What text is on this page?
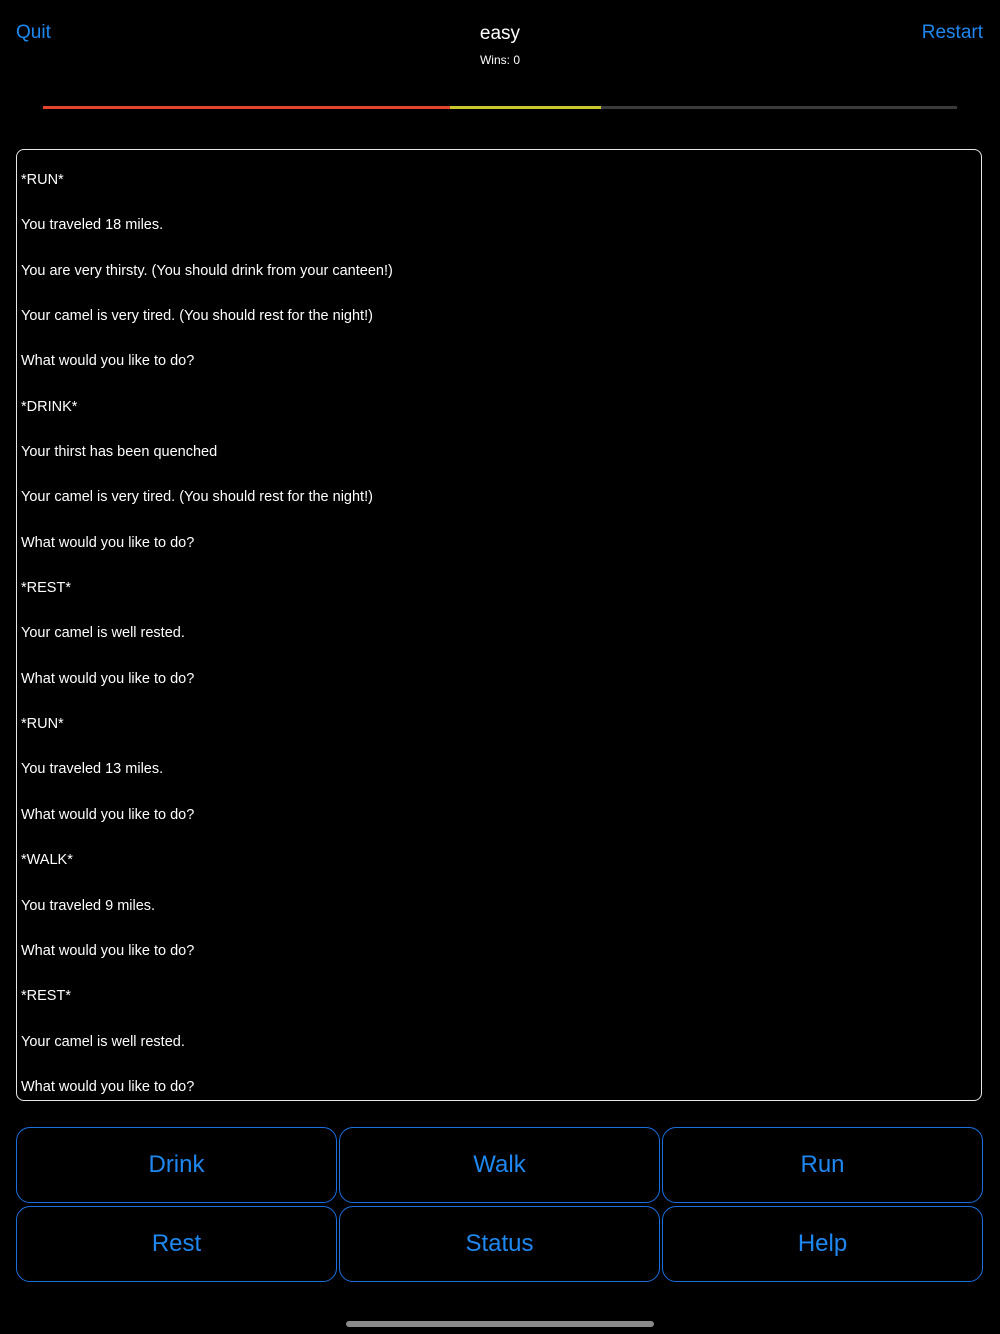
Quit	easy
Wins: 0
Restart
*RUN*
You traveled 18 miles.
You are very thirsty. (You should drink from your canteen!)
Your camel is very tired. (You should rest for the night!)
What would you like to do?
*DRINK*
Your thirst has been quenched
Your camel is very tired. (You should rest for the night!)
What would you like to do?
*REST*
Your camel is well rested.
What would you like to do?
*RUN*
You traveled 13 miles.
What would you like to do?
*WALK*
You traveled 9 miles.
What would you like to do?
*REST*
Your camel is well rested.
What would you like to do?
Drink	Walk	Run
Rest	Status	Help
